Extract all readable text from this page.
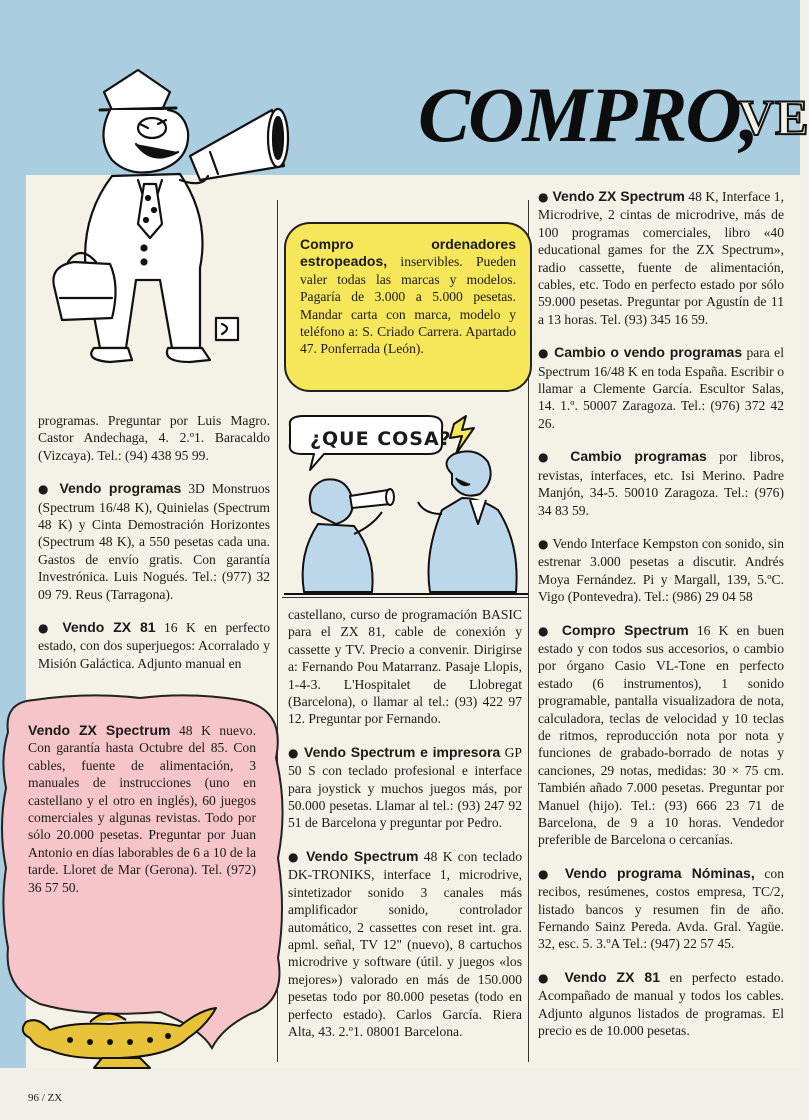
COMPRO,
VE

programas. Preguntar por Luis Magro. Castor Andechaga, 4. 2.º1. Baracaldo (Vizcaya). Tel.: (94) 438 95 99.

● Vendo programas 3D Monstruos (Spectrum 16/48 K), Quinielas (Spectrum 48 K) y Cinta Demostración Horizontes (Spectrum 48 K), a 550 pesetas cada una. Gastos de envío gratis. Con garantía Investrónica. Luis Nogués. Tel.: (977) 32 09 79. Reus (Tarragona).

● Vendo ZX 81 16 K en perfecto estado, con dos superjuegos: Acorralado y Misión Galáctica. Adjunto manual en

Vendo ZX Spectrum 48 K nuevo. Con garantía hasta Octubre del 85. Con cables, fuente de alimentación, 3 manuales de instrucciones (uno en castellano y el otro en inglés), 60 juegos comerciales y algunas revistas. Todo por sólo 20.000 pesetas. Preguntar por Juan Antonio en días laborables de 6 a 10 de la tarde. Lloret de Mar (Gerona). Tel. (972) 36 57 50.
Compro ordenadores estropeados, inservibles. Pueden valer todas las marcas y modelos. Pagaría de 3.000 a 5.000 pesetas. Mandar carta con marca, modelo y teléfono a: S. Criado Carrera. Apartado 47. Ponferrada (León).
¿QUE COSA?

castellano, curso de programación BASIC para el ZX 81, cable de conexión y cassette y TV. Precio a convenir. Dirigirse a: Fernando Pou Matarranz. Pasaje Llopis, 1-4-3. L'Hospitalet de Llobregat (Barcelona), o llamar al tel.: (93) 422 97 12. Preguntar por Fernando.

● Vendo Spectrum e impresora GP 50 S con teclado profesional e interface para joystick y muchos juegos más, por 50.000 pesetas. Llamar al tel.: (93) 247 92 51 de Barcelona y preguntar por Pedro.

● Vendo Spectrum 48 K con teclado DK-TRONIKS, interface 1, microdrive, sintetizador sonido 3 canales más amplificador sonido, controlador automático, 2 cassettes con reset int. gra. apml. señal, TV 12" (nuevo), 8 cartuchos microdrive y software (útil. y juegos «los mejores») valorado en más de 150.000 pesetas todo por 80.000 pesetas (todo en perfecto estado). Carlos García. Riera Alta, 43. 2.º1. 08001 Barcelona.

● Vendo ZX Spectrum 48 K, Interface 1, Microdrive, 2 cintas de microdrive, más de 100 programas comerciales, libro «40 educational games for the ZX Spectrum», radio cassette, fuente de alimentación, cables, etc. Todo en perfecto estado por sólo 59.000 pesetas. Preguntar por Agustín de 11 a 13 horas. Tel. (93) 345 16 59.

● Cambio o vendo programas para el Spectrum 16/48 K en toda España. Escribir o llamar a Clemente García. Escultor Salas, 14. 1.º. 50007 Zaragoza. Tel.: (976) 372 42 26.

● Cambio programas por libros, revistas, interfaces, etc. Isi Merino. Padre Manjón, 34-5. 50010 Zaragoza. Tel.: (976) 34 83 59.

● Vendo Interface Kempston con sonido, sin estrenar 3.000 pesetas a discutir. Andrés Moya Fernández. Pi y Margall, 139, 5.ºC. Vigo (Pontevedra). Tel.: (986) 29 04 58

● Compro Spectrum 16 K en buen estado y con todos sus accesorios, o cambio por órgano Casio VL-Tone en perfecto estado (6 instrumentos), 1 sonido programable, pantalla visualizadora de nota, calculadora, teclas de velocidad y 10 teclas de ritmos, reproducción nota por nota y funciones de grabado-borrado de notas y canciones, 29 notas, medidas: 30 × 75 cm. También añado 7.000 pesetas. Preguntar por Manuel (hijo). Tel.: (93) 666 23 71 de Barcelona, de 9 a 10 horas. Vendedor preferible de Barcelona o cercanías.

● Vendo programa Nóminas, con recibos, resúmenes, costos empresa, TC/2, listado bancos y resumen fin de año. Fernando Sainz Pereda. Avda. Gral. Yagüe. 32, esc. 5. 3.ºA Tel.: (947) 22 57 45.

● Vendo ZX 81 en perfecto estado. Acompañado de manual y todos los cables. Adjunto algunos listados de programas. El precio es de 10.000 pesetas.

96 / ZX
